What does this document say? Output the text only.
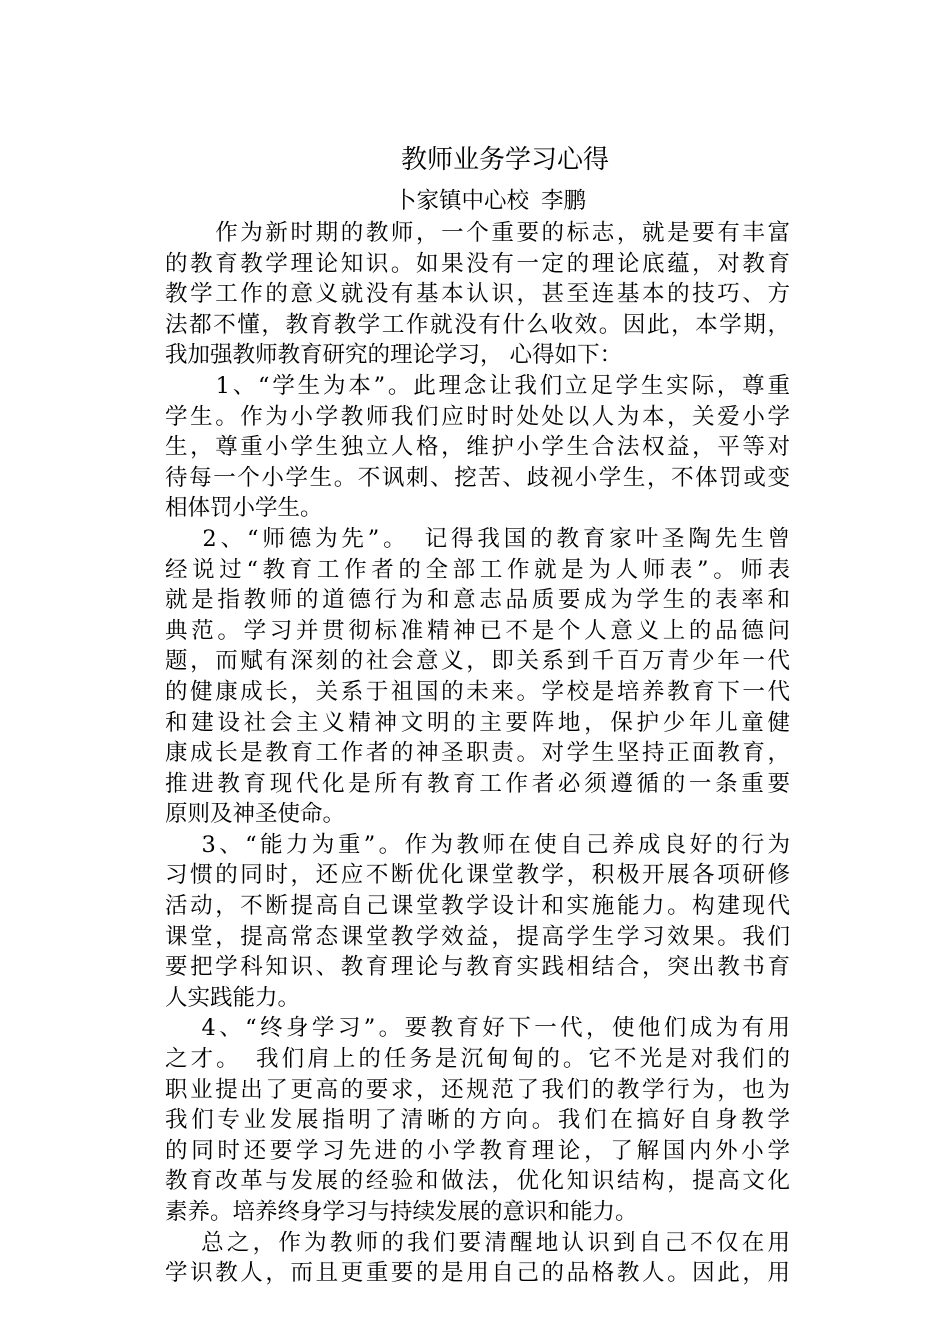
教师业务学习心得
卜家镇中心校 李鹏
　　作为新时期的教师，一个重要的标志，就是要有丰富
的教育教学理论知识。如果没有一定的理论底蕴，对教育
教学工作的意义就没有基本认识，甚至连基本的技巧、方
法都不懂，教育教学工作就没有什么收效。因此，本学期，
我加强教师教育研究的理论学习， 心得如下：
　　1、“学生为本”。此理念让我们立足学生实际，尊重
学生。作为小学教师我们应时时处处以人为本，关爱小学
生，尊重小学生独立人格，维护小学生合法权益，平等对
待每一个小学生。不讽刺、挖苦、歧视小学生，不体罚或变
相体罚小学生。
　 2、“师德为先”。　记得我国的教育家叶圣陶先生曾
经说过“教育工作者的全部工作就是为人师表”。师表
就是指教师的道德行为和意志品质要成为学生的表率和
典范。学习并贯彻标准精神已不是个人意义上的品德问
题，而赋有深刻的社会意义，即关系到千百万青少年一代
的健康成长，关系于祖国的未来。学校是培养教育下一代
和建设社会主义精神文明的主要阵地，保护少年儿童健
康成长是教育工作者的神圣职责。对学生坚持正面教育，
推进教育现代化是所有教育工作者必须遵循的一条重要
原则及神圣使命。
　 3、“能力为重”。作为教师在使自己养成良好的行为
习惯的同时，还应不断优化课堂教学，积极开展各项研修
活动，不断提高自己课堂教学设计和实施能力。构建现代
课堂，提高常态课堂教学效益，提高学生学习效果。我们
要把学科知识、教育理论与教育实践相结合，突出教书育
人实践能力。
　 4、“终身学习”。要教育好下一代，使他们成为有用
之才。　我们肩上的任务是沉甸甸的。它不光是对我们的
职业提出了更高的要求，还规范了我们的教学行为，也为
我们专业发展指明了清晰的方向。我们在搞好自身教学
的同时还要学习先进的小学教育理论，了解国内外小学
教育改革与发展的经验和做法，优化知识结构，提高文化
素养。培养终身学习与持续发展的意识和能力。
　 总之，作为教师的我们要清醒地认识到自己不仅在用
学识教人，而且更重要的是用自己的品格教人。因此，用
